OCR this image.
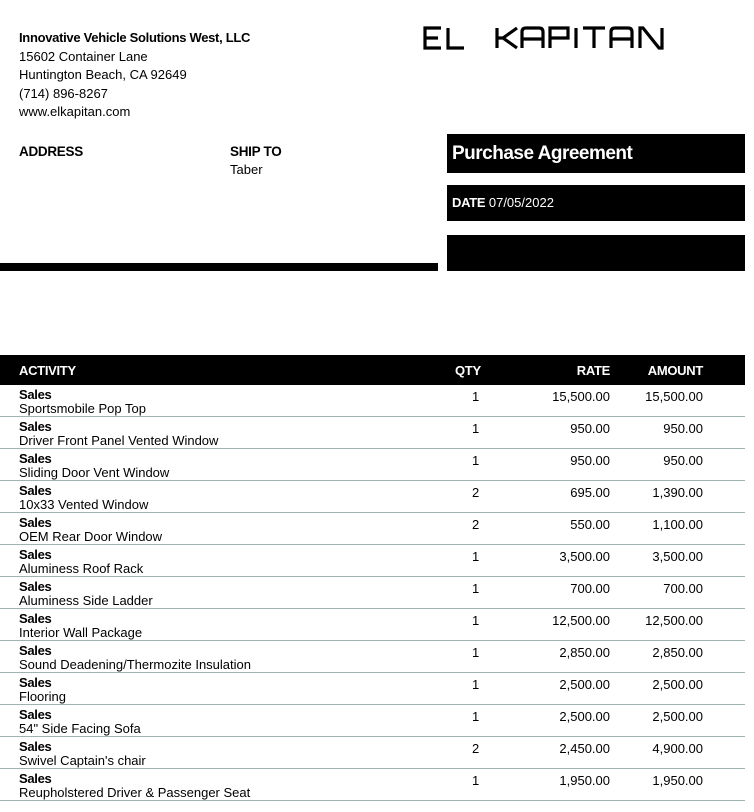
Innovative Vehicle Solutions West, LLC
15602 Container Lane
Huntington Beach, CA 92649
(714) 896-8267
www.elkapitan.com
ADDRESS	SHIP TO
Taber
Purchase Agreement
DATE 07/05/2022
ACTIVITY	QTY	RATE	AMOUNT
Sales
Sportsmobile Pop Top
1	15,500.00	15,500.00
Sales
Driver Front Panel Vented Window
1	950.00	950.00
Sales
Sliding Door Vent Window
1	950.00	950.00
Sales
10x33 Vented Window
2	695.00	1,390.00
Sales
OEM Rear Door Window
2	550.00	1,100.00
Sales
Aluminess Roof Rack
1	3,500.00	3,500.00
Sales
Aluminess Side Ladder
1	700.00	700.00
Sales
Interior Wall Package
1	12,500.00	12,500.00
Sales
Sound Deadening/Thermozite Insulation
1	2,850.00	2,850.00
Sales
Flooring
1	2,500.00	2,500.00
Sales
54" Side Facing Sofa
1	2,500.00	2,500.00
Sales
Swivel Captain's chair
2	2,450.00	4,900.00
Sales
Reupholstered Driver & Passenger Seat
1	1,950.00	1,950.00
